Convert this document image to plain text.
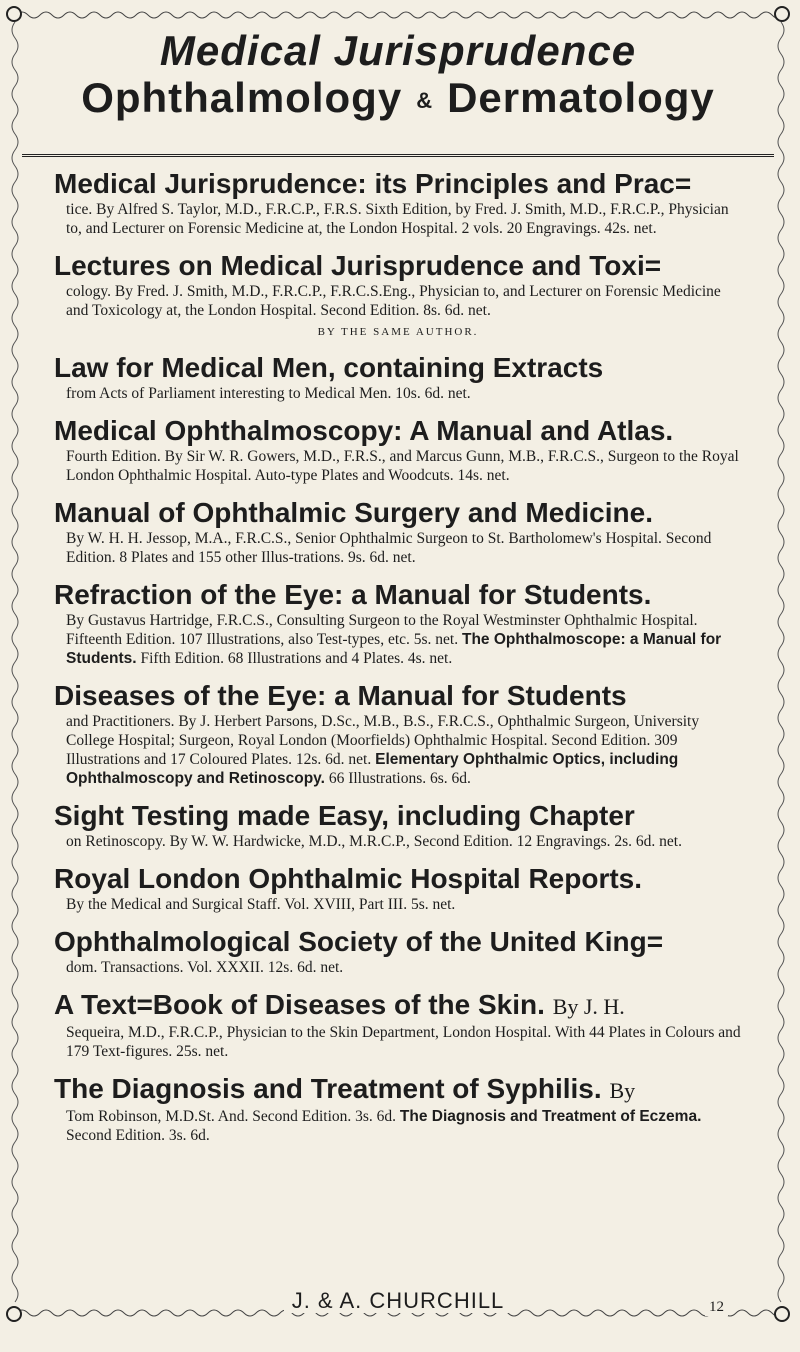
Medical Jurisprudence
Ophthalmology & Dermatology
Medical Jurisprudence: its Principles and Prac=

tice. By Alfred S. Taylor, M.D., F.R.C.P., F.R.S. Sixth Edition, by Fred. J. Smith, M.D., F.R.C.P., Physician to, and Lecturer on Forensic Medicine at, the London Hospital. 2 vols. 20 Engravings. 42s. net.

Lectures on Medical Jurisprudence and Toxi=

cology. By Fred. J. Smith, M.D., F.R.C.P., F.R.C.S.Eng., Physician to, and Lecturer on Forensic Medicine and Toxicology at, the London Hospital. Second Edition. 8s. 6d. net.

BY THE SAME AUTHOR.
Law for Medical Men, containing Extracts

from Acts of Parliament interesting to Medical Men. 10s. 6d. net.

Medical Ophthalmoscopy: A Manual and Atlas.

Fourth Edition. By Sir W. R. Gowers, M.D., F.R.S., and Marcus Gunn, M.B., F.R.C.S., Surgeon to the Royal London Ophthalmic Hospital. Auto-type Plates and Woodcuts. 14s. net.

Manual of Ophthalmic Surgery and Medicine.

By W. H. H. Jessop, M.A., F.R.C.S., Senior Ophthalmic Surgeon to St. Bartholomew's Hospital. Second Edition. 8 Plates and 155 other Illus-trations. 9s. 6d. net.

Refraction of the Eye: a Manual for Students.

By Gustavus Hartridge, F.R.C.S., Consulting Surgeon to the Royal Westminster Ophthalmic Hospital. Fifteenth Edition. 107 Illustrations, also Test-types, etc. 5s. net. The Ophthalmoscope: a Manual for Students. Fifth Edition. 68 Illustrations and 4 Plates. 4s. net.

Diseases of the Eye: a Manual for Students

and Practitioners. By J. Herbert Parsons, D.Sc., M.B., B.S., F.R.C.S., Ophthalmic Surgeon, University College Hospital; Surgeon, Royal London (Moorfields) Ophthalmic Hospital. Second Edition. 309 Illustrations and 17 Coloured Plates. 12s. 6d. net. Elementary Ophthalmic Optics, including Ophthalmoscopy and Retinoscopy. 66 Illustrations. 6s. 6d.

Sight Testing made Easy, including Chapter

on Retinoscopy. By W. W. Hardwicke, M.D., M.R.C.P., Second Edition. 12 Engravings. 2s. 6d. net.

Royal London Ophthalmic Hospital Reports.

By the Medical and Surgical Staff. Vol. XVIII, Part III. 5s. net.

Ophthalmological Society of the United King=

dom. Transactions. Vol. XXXII. 12s. 6d. net.

A Text=Book of Diseases of the Skin. By J. H.

Sequeira, M.D., F.R.C.P., Physician to the Skin Department, London Hospital. With 44 Plates in Colours and 179 Text-figures. 25s. net.

The Diagnosis and Treatment of Syphilis. By

Tom Robinson, M.D.St. And. Second Edition. 3s. 6d. The Diagnosis and Treatment of Eczema. Second Edition. 3s. 6d.

J. & A. CHURCHILL	12
